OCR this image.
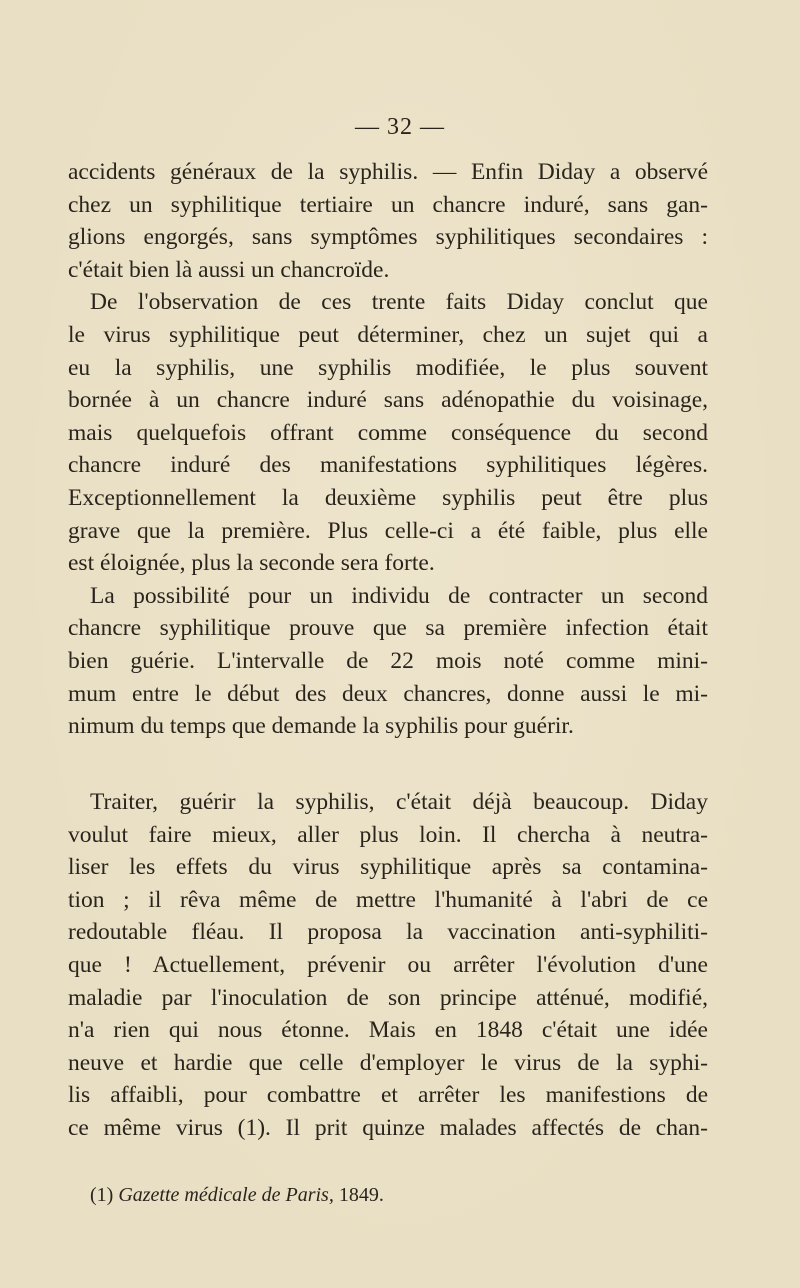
— 32 —
accidents généraux de la syphilis. — Enfin Diday a observé
chez un syphilitique tertiaire un chancre induré, sans gan-
glions engorgés, sans symptômes syphilitiques secondaires :
c'était bien là aussi un chancroïde.
De l'observation de ces trente faits Diday conclut que
le virus syphilitique peut déterminer, chez un sujet qui a
eu la syphilis, une syphilis modifiée, le plus souvent
bornée à un chancre induré sans adénopathie du voisinage,
mais quelquefois offrant comme conséquence du second
chancre induré des manifestations syphilitiques légères.
Exceptionnellement la deuxième syphilis peut être plus
grave que la première. Plus celle-ci a été faible, plus elle
est éloignée, plus la seconde sera forte.
La possibilité pour un individu de contracter un second
chancre syphilitique prouve que sa première infection était
bien guérie. L'intervalle de 22 mois noté comme mini-
mum entre le début des deux chancres, donne aussi le mi-
nimum du temps que demande la syphilis pour guérir.
Traiter, guérir la syphilis, c'était déjà beaucoup. Diday
voulut faire mieux, aller plus loin. Il chercha à neutra-
liser les effets du virus syphilitique après sa contamina-
tion ; il rêva même de mettre l'humanité à l'abri de ce
redoutable fléau. Il proposa la vaccination anti-syphiliti-
que ! Actuellement, prévenir ou arrêter l'évolution d'une
maladie par l'inoculation de son principe atténué, modifié,
n'a rien qui nous étonne. Mais en 1848 c'était une idée
neuve et hardie que celle d'employer le virus de la syphi-
lis affaibli, pour combattre et arrêter les manifestions de
ce même virus (1). Il prit quinze malades affectés de chan-
(1) Gazette médicale de Paris, 1849.
